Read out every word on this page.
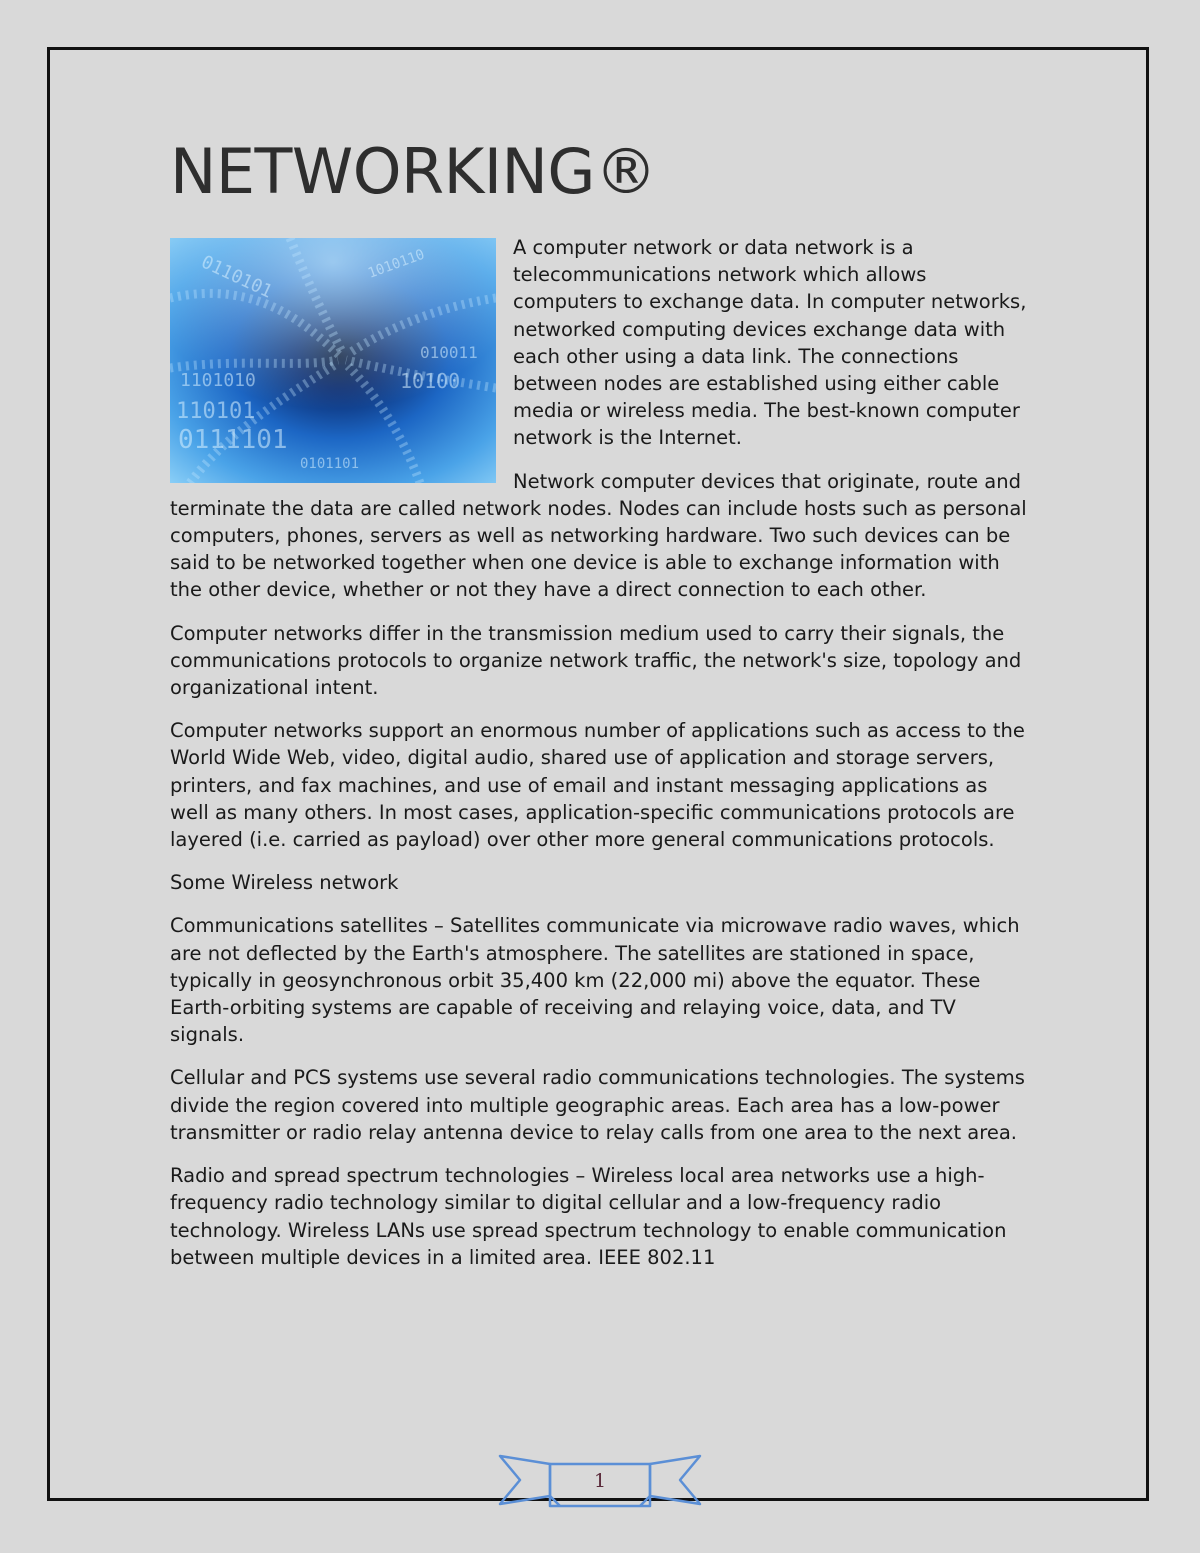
NETWORKING®
0111101
110101
1101010
0110101
10100
010011
1010110
0101101

A computer network or data network is a telecommunications network which allows computers to exchange data. In computer networks, networked computing devices exchange data with each other using a data link. The connections between nodes are established using either cable media or wireless media. The best-known computer network is the Internet.

Network computer devices that originate, route and terminate the data are called network nodes. Nodes can include hosts such as personal computers, phones, servers as well as networking hardware. Two such devices can be said to be networked together when one device is able to exchange information with the other device, whether or not they have a direct connection to each other.

Computer networks differ in the transmission medium used to carry their signals, the communications protocols to organize network traffic, the network's size, topology and organizational intent.

Computer networks support an enormous number of applications such as access to the World Wide Web, video, digital audio, shared use of application and storage servers, printers, and fax machines, and use of email and instant messaging applications as well as many others. In most cases, application-specific communications protocols are layered (i.e. carried as payload) over other more general communications protocols.

Some Wireless network

Communications satellites – Satellites communicate via microwave radio waves, which are not deflected by the Earth's atmosphere. The satellites are stationed in space, typically in geosynchronous orbit 35,400 km (22,000 mi) above the equator. These Earth-orbiting systems are capable of receiving and relaying voice, data, and TV signals.

Cellular and PCS systems use several radio communications technologies. The systems divide the region covered into multiple geographic areas. Each area has a low-power transmitter or radio relay antenna device to relay calls from one area to the next area.

Radio and spread spectrum technologies – Wireless local area networks use a high-frequency radio technology similar to digital cellular and a low-frequency radio technology. Wireless LANs use spread spectrum technology to enable communication between multiple devices in a limited area. IEEE 802.11

1
